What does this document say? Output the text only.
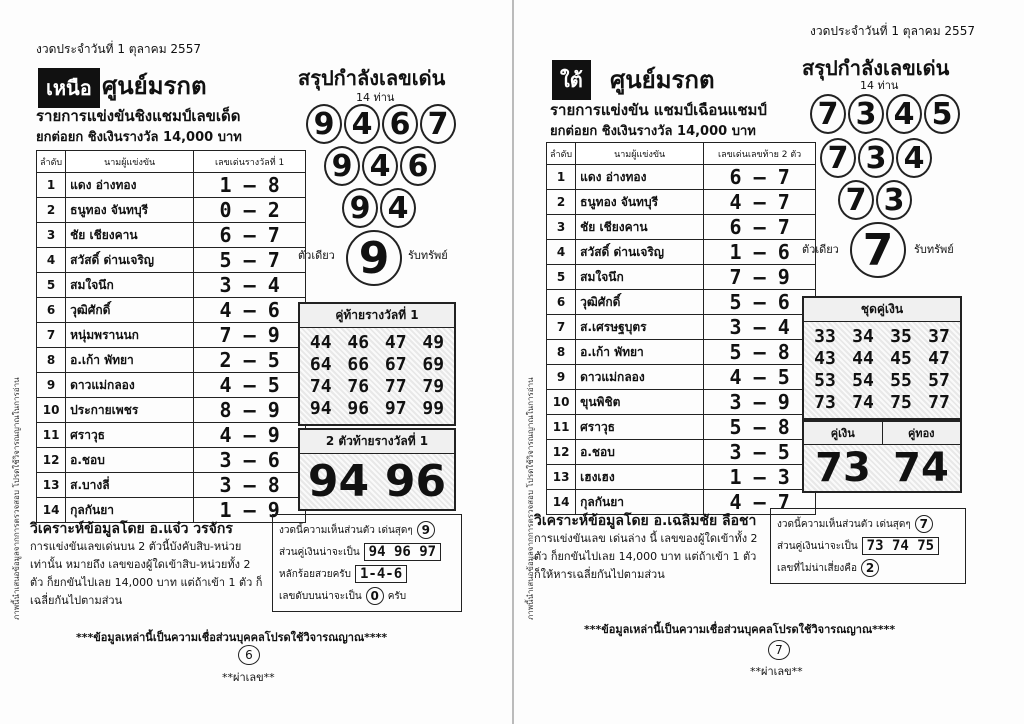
ภาพนี้นำเสนอข้อมูลจากการตรวจสอบ โปรดใช้วิจารณญาณในการอ่าน
งวดประจำวันที่ 1 ตุลาคม 2557
เหนือ ศูนย์มรกต
รายการแข่งขันชิงแชมป์เลขเด็ด
ยกต่อยก ชิงเงินรางวัล 14,000 บาท
ลำดับ	นามผู้แข่งขัน	เลขเด่นรางวัลที่ 1
1	แดง อ่างทอง	1 – 8
2	ธนูทอง จันทบุรี	0 – 2
3	ชัย เชียงคาน	6 – 7
4	สวัสดิ์ ด่านเจริญ	5 – 7
5	สมใจนึก	3 – 4
6	วุฒิศักดิ์	4 – 6
7	หนุ่มพรานนก	7 – 9
8	อ.เก้า พัทยา	2 – 5
9	ดาวแม่กลอง	4 – 5
10	ประกายเพชร	8 – 9
11	ศราวุธ	4 – 9
12	อ.ชอบ	3 – 6
13	ส.บางลี่	3 – 8
14	กุลกันยา	1 – 9
สรุปกำลังเลขเด่น
14 ท่าน
9 4 6 7
9 4 6
9 4
ตัวเดียว 9	รับทรัพย์
คู่ท้ายรางวัลที่ 1
44 46 47 49
64 66 67 69
74 76 77 79
94 96 97 99
2 ตัวท้ายรางวัลที่ 1
94 96
วิเคราะห์ข้อมูลโดย อ.แจ๋ว วรจักร
การแข่งขันเลขเด่นบน 2 ตัวนี้บังคับสิบ-หน่วย เท่านั้น หมายถึง เลขของผู้ใดเข้าสิบ-หน่วยทั้ง 2 ตัว ก็ยกขันไปเลย 14,000 บาท แต่ถ้าเข้า 1 ตัว ก็เฉลี่ยกันไปตามส่วน
งวดนี้ความเห็นส่วนตัว เด่นสุดๆ 9
ส่วนคู่เงินน่าจะเป็น 94 96 97
หลักร้อยสวยครับ 1-4-6
เลขดับบนน่าจะเป็น 0 ครับ
***ข้อมูลเหล่านี้เป็นความเชื่อส่วนบุคคลโปรดใช้วิจารณญาณ****
6
**ผ่าเลข**
ภาพนี้นำเสนอข้อมูลจากการตรวจสอบ โปรดใช้วิจารณญาณในการอ่าน
งวดประจำวันที่ 1 ตุลาคม 2557
ใต้	ศูนย์มรกต
รายการแข่งขัน แชมป์เฉือนแชมป์
ยกต่อยก ชิงเงินรางวัล 14,000 บาท
ลำดับ	นามผู้แข่งขัน	เลขเด่นเลขท้าย 2 ตัว
1	แดง อ่างทอง	6 – 7
2	ธนูทอง จันทบุรี	4 – 7
3	ชัย เชียงคาน	6 – 7
4	สวัสดิ์ ด่านเจริญ	1 – 6
5	สมใจนึก	7 – 9
6	วุฒิศักดิ์	5 – 6
7	ส.เศรษฐบุตร	3 – 4
8	อ.เก้า พัทยา	5 – 8
9	ดาวแม่กลอง	4 – 5
10	ขุนพิชิต	3 – 9
11	ศราวุธ	5 – 8
12	อ.ชอบ	3 – 5
13	เฮงเฮง	1 – 3
14	กุลกันยา	4 – 7
สรุปกำลังเลขเด่น
14 ท่าน
7 3 4 5
7 3 4
7 3
ตัวเดียว 7	รับทรัพย์
ชุดคู่เงิน
33 34 35 37
43 44 45 47
53 54 55 57
73 74 75 77
คู่เงิน	คู่ทอง
73 74
วิเคราะห์ข้อมูลโดย อ.เฉลิมชัย ลือชา
การแข่งขันเลข เด่นล่าง นี้ เลขของผู้ใดเข้าทั้ง 2 ตัว ก็ยกขันไปเลย 14,000 บาท แต่ถ้าเข้า 1 ตัว ก็ให้หารเฉลี่ยกันไปตามส่วน
งวดนี้ความเห็นส่วนตัว เด่นสุดๆ 7
ส่วนคู่เงินน่าจะเป็น 73 74 75
เลขที่ไม่น่าเสี่ยงคือ 2
***ข้อมูลเหล่านี้เป็นความเชื่อส่วนบุคคลโปรดใช้วิจารณญาณ****
7
**ผ่าเลข**
